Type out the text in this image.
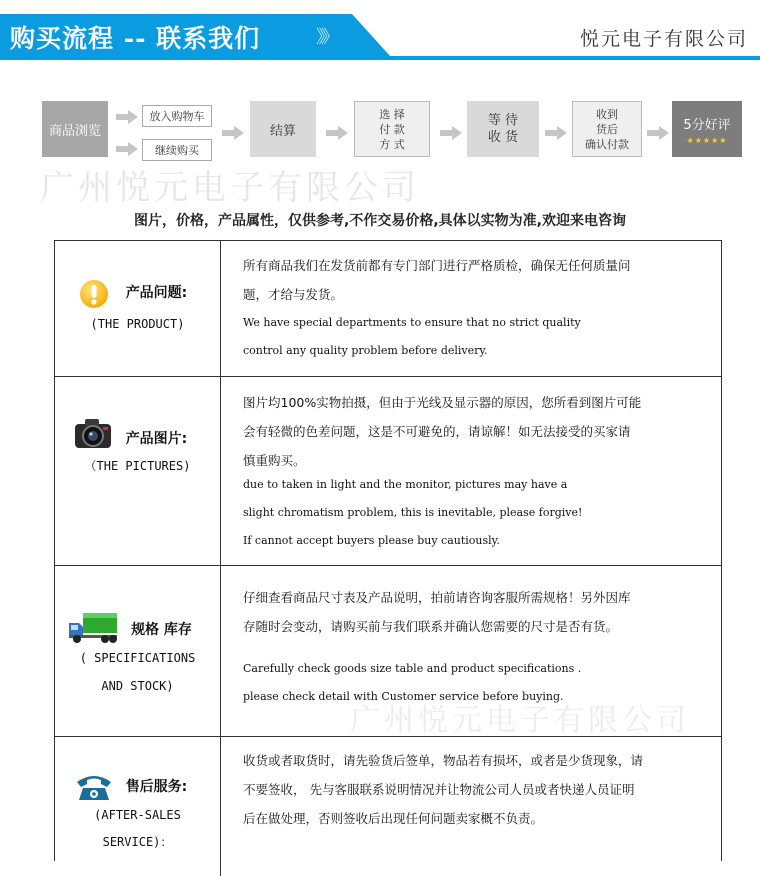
购买流程 -- 联系我们	》》	悦元电子有限公司
商品浏览
放入购物车
继续购买
结算
选 择
付 款
方 式
等 待
收 货
收到
货后
确认付款
5分好评
★★★★★
广州悦元电子有限公司
图片，价格，产品属性，仅供参考,不作交易价格,具体以实物为准,欢迎来电咨询
产品问题:
(THE PRODUCT)
所有商品我们在发货前都有专门部门进行严格质检，确保无任何质量问
题，才给与发货。
We have special departments to ensure that no strict quality
control any quality problem before delivery.
产品图片:
（THE PICTURES)
图片均100%实物拍摄，但由于光线及显示器的原因，您所看到图片可能
会有轻微的色差问题，这是不可避免的，请谅解！如无法接受的买家请
慎重购买。
due to taken in light and the monitor, pictures may have a
slight chromatism problem, this is inevitable, please forgive!
If cannot accept buyers please buy cautiously.
规格 库存
( SPECIFICATIONS
AND STOCK)
仔细查看商品尺寸表及产品说明，拍前请咨询客服所需规格！另外因库
存随时会变动，请购买前与我们联系并确认您需要的尺寸是否有货。
Carefully check goods size table and product specifications .
please check detail with Customer service before buying.
售后服务:
(AFTER-SALES
SERVICE)：
收货或者取货时，请先验货后签单，物品若有损坏，或者是少货现象，请
不要签收， 先与客服联系说明情况并让物流公司人员或者快递人员证明
后在做处理，否则签收后出现任何问题卖家概不负责。
广州悦元电子有限公司
